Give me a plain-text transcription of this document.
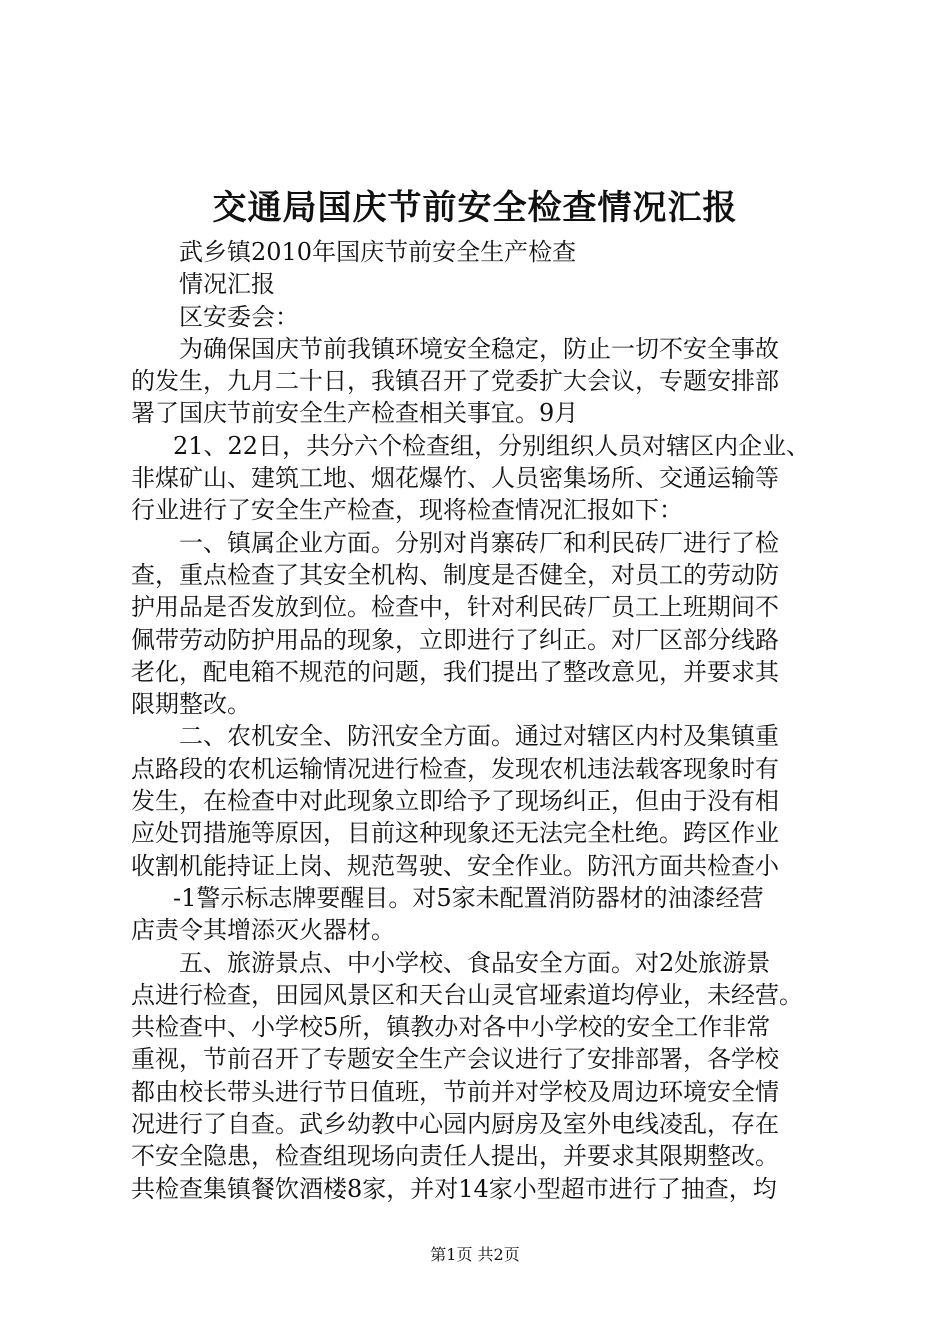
交通局国庆节前安全检查情况汇报
武乡镇2010年国庆节前安全生产检查
情况汇报
区安委会：
为确保国庆节前我镇环境安全稳定，防止一切不安全事故
的发生，九月二十日，我镇召开了党委扩大会议，专题安排部
署了国庆节前安全生产检查相关事宜。9月
21、22日，共分六个检查组，分别组织人员对辖区内企业、
非煤矿山、建筑工地、烟花爆竹、人员密集场所、交通运输等
行业进行了安全生产检查，现将检查情况汇报如下：
一、镇属企业方面。分别对肖寨砖厂和利民砖厂进行了检
查，重点检查了其安全机构、制度是否健全，对员工的劳动防
护用品是否发放到位。检查中，针对利民砖厂员工上班期间不
佩带劳动防护用品的现象，立即进行了纠正。对厂区部分线路
老化，配电箱不规范的问题，我们提出了整改意见，并要求其
限期整改。
二、农机安全、防汛安全方面。通过对辖区内村及集镇重
点路段的农机运输情况进行检查，发现农机违法载客现象时有
发生，在检查中对此现象立即给予了现场纠正，但由于没有相
应处罚措施等原因，目前这种现象还无法完全杜绝。跨区作业
收割机能持证上岗、规范驾驶、安全作业。防汛方面共检查小
-1警示标志牌要醒目。对5家未配置消防器材的油漆经营
店责令其增添灭火器材。
五、旅游景点、中小学校、食品安全方面。对2处旅游景
点进行检查，田园风景区和天台山灵官垭索道均停业，未经营。
共检查中、小学校5所，镇教办对各中小学校的安全工作非常
重视，节前召开了专题安全生产会议进行了安排部署，各学校
都由校长带头进行节日值班，节前并对学校及周边环境安全情
况进行了自查。武乡幼教中心园内厨房及室外电线凌乱，存在
不安全隐患，检查组现场向责任人提出，并要求其限期整改。
共检查集镇餐饮酒楼8家，并对14家小型超市进行了抽查，均
第1页 共2页
